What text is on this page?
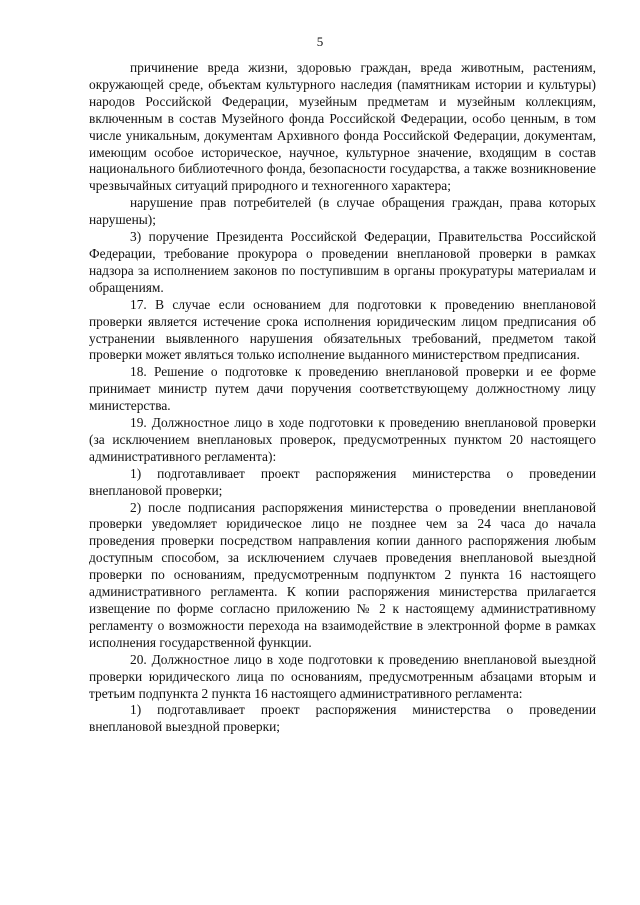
5

причинение вреда жизни, здоровью граждан, вреда животным, растениям, окружающей среде, объектам культурного наследия (памятникам истории и культуры) народов Российской Федерации, музейным предметам и музейным коллекциям, включенным в состав Музейного фонда Российской Федерации, особо ценным, в том числе уникальным, документам Архивного фонда Российской Федерации, документам, имеющим особое историческое, научное, культурное значение, входящим в состав национального библиотечного фонда, безопасности государства, а также возникновение чрезвычайных ситуаций природного и техногенного характера;

нарушение прав потребителей (в случае обращения граждан, права которых нарушены);

3) поручение Президента Российской Федерации, Правительства Российской Федерации, требование прокурора о проведении внеплановой проверки в рамках надзора за исполнением законов по поступившим в органы прокуратуры материалам и обращениям.

17. В случае если основанием для подготовки к проведению внеплановой проверки является истечение срока исполнения юридическим лицом предписания об устранении выявленного нарушения обязательных требований, предметом такой проверки может являться только исполнение выданного министерством предписания.

18. Решение о подготовке к проведению внеплановой проверки и ее форме принимает министр путем дачи поручения соответствующему должностному лицу министерства.

19. Должностное лицо в ходе подготовки к проведению внеплановой проверки (за исключением внеплановых проверок, предусмотренных пунктом 20 настоящего административного регламента):

1) подготавливает проект распоряжения министерства о проведении внеплановой проверки;

2) после подписания распоряжения министерства о проведении внеплановой проверки уведомляет юридическое лицо не позднее чем за 24 часа до начала проведения проверки посредством направления копии данного распоряжения любым доступным способом, за исключением случаев проведения внеплановой выездной проверки по основаниям, предусмотренным подпунктом 2 пункта 16 настоящего административного регламента. К копии распоряжения министерства прилагается извещение по форме согласно приложению № 2 к настоящему административному регламенту о возможности перехода на взаимодействие в электронной форме в рамках исполнения государственной функции.

20. Должностное лицо в ходе подготовки к проведению внеплановой выездной проверки юридического лица по основаниям, предусмотренным абзацами вторым и третьим подпункта 2 пункта 16 настоящего административного регламента:

1) подготавливает проект распоряжения министерства о проведении внеплановой выездной проверки;
